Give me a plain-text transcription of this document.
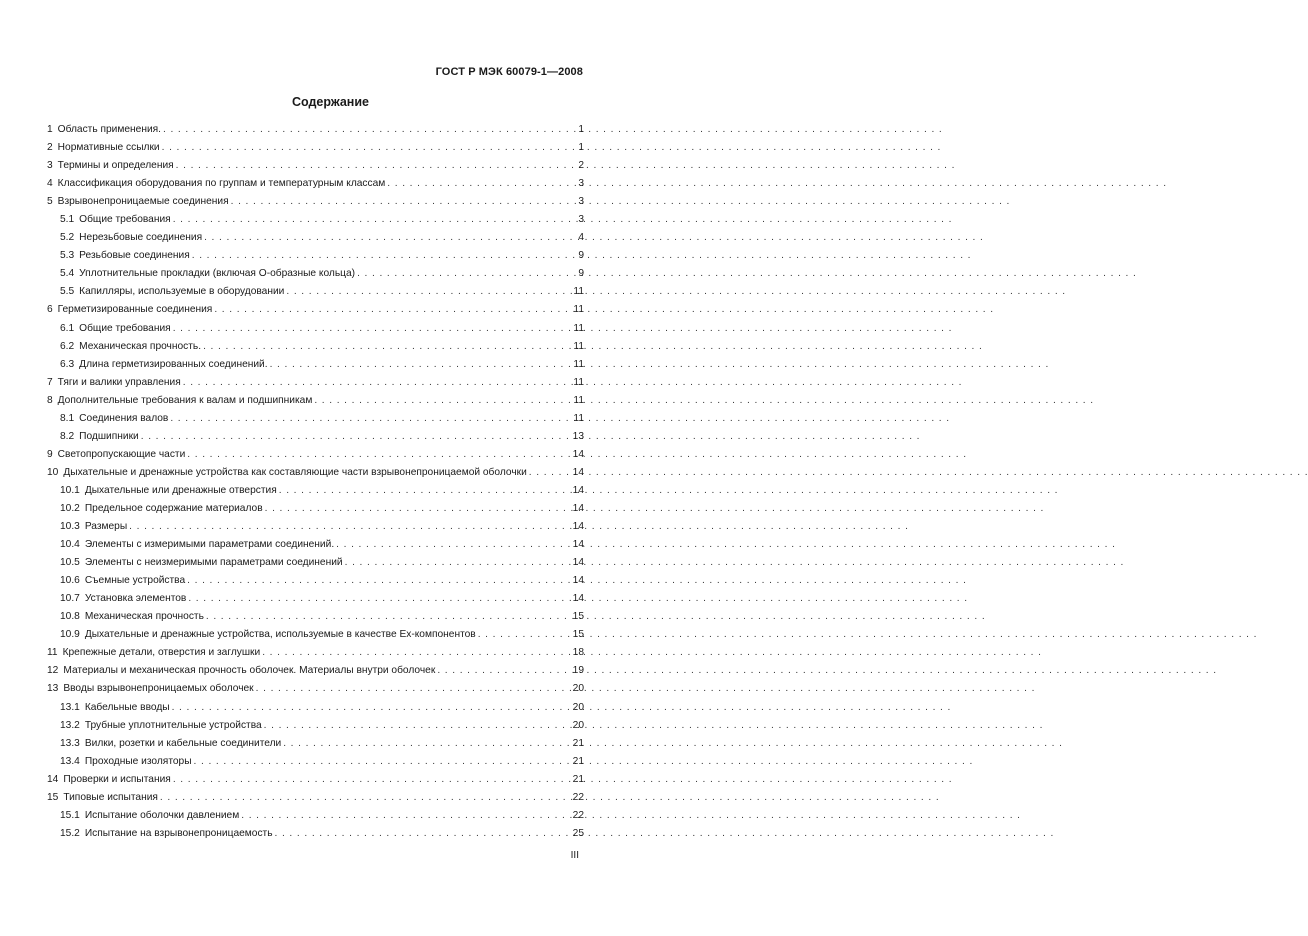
ГОСТ Р МЭК 60079-1—2008
Содержание
1 Область применения. . . .	1
2 Нормативные ссылки . . .	1
3 Термины и определения . . .	2
4 Классификация оборудования по группам и температурным классам . . .	3
5 Взрывонепроницаемые соединения . . .	3
5.1 Общие требования . . .	3
5.2 Нерезьбовые соединения . . .	4
5.3 Резьбовые соединения . . .	9
5.4 Уплотнительные прокладки (включая О-образные кольца) . . .	9
5.5 Капилляры, используемые в оборудовании . . .	11
6 Герметизированные соединения . . .	11
6.1 Общие требования . . .	11
6.2 Механическая прочность. . . .	11
6.3 Длина герметизированных соединений. . . .	11
7 Тяги и валики управления . . .	11
8 Дополнительные требования к валам и подшипникам . . .	11
8.1 Соединения валов . . .	11
8.2 Подшипники . . .	13
9 Светопропускающие части . . .	14
10 Дыхательные и дренажные устройства как составляющие части взрывонепроницаемой оболочки . . .	14
10.1 Дыхательные или дренажные отверстия . . .	14
10.2 Предельное содержание материалов . . .	14
10.3 Размеры . . .	14
10.4 Элементы с измеримыми параметрами соединений. . . .	14
10.5 Элементы с неизмеримыми параметрами соединений . . .	14
10.6 Съемные устройства . . .	14
10.7 Установка элементов . . .	14
10.8 Механическая прочность . . .	15
10.9 Дыхательные и дренажные устройства, используемые в качестве Ex-компонентов . . .	15
11 Крепежные детали, отверстия и заглушки . . .	18
12 Материалы и механическая прочность оболочек. Материалы внутри оболочек . . .	19
13 Вводы взрывонепроницаемых оболочек . . .	20
13.1 Кабельные вводы . . .	20
13.2 Трубные уплотнительные устройства . . .	20
13.3 Вилки, розетки и кабельные соединители . . .	21
13.4 Проходные изоляторы . . .	21
14 Проверки и испытания . . .	21
15 Типовые испытания . . .	22
15.1 Испытание оболочки давлением . . .	22
15.2 Испытание на взрывонепроницаемость . . .	25
III
